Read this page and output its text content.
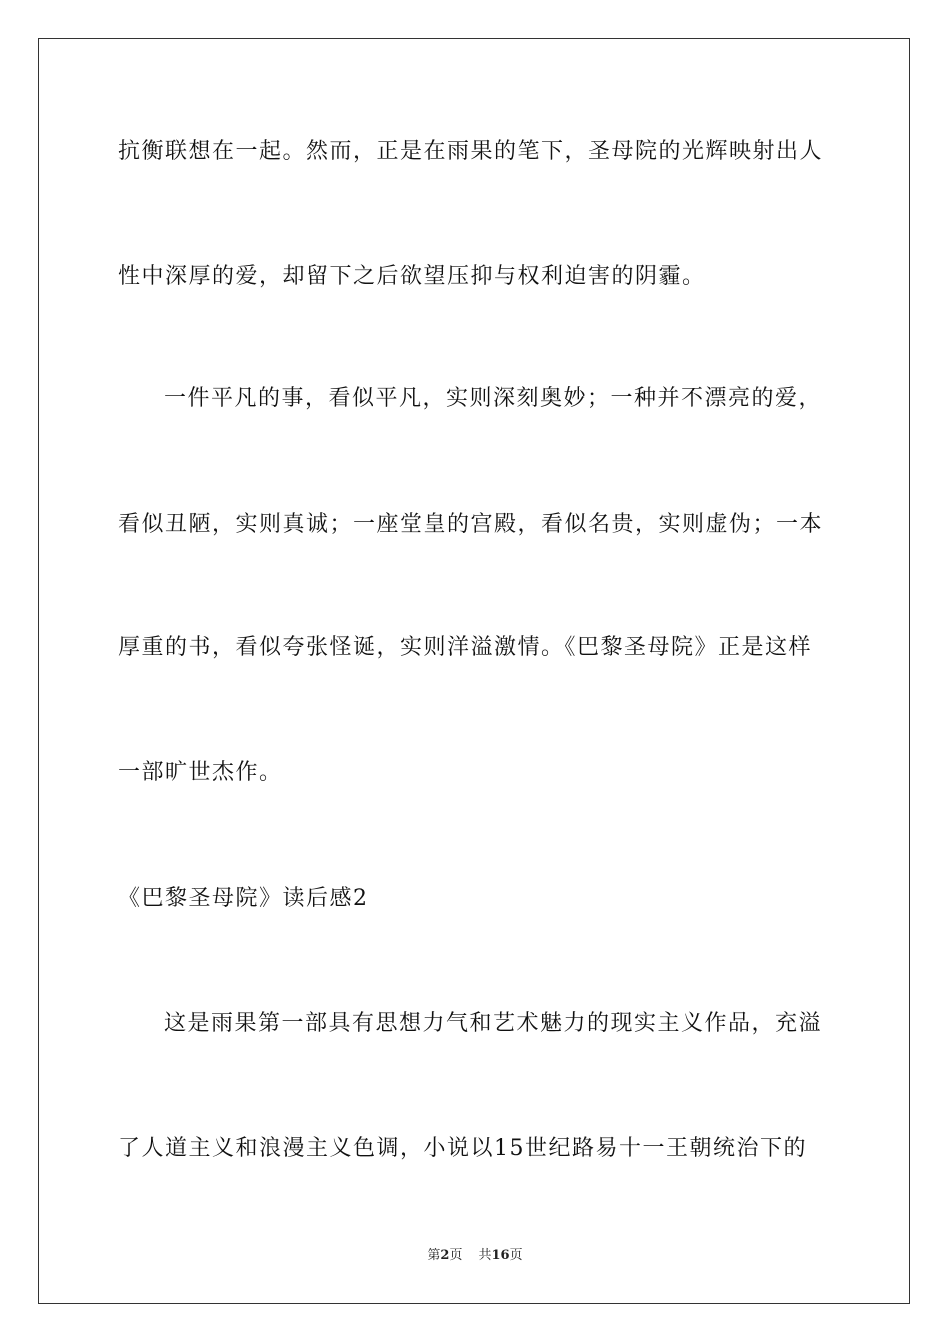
抗衡联想在一起。然而，正是在雨果的笔下，圣母院的光辉映射出人
性中深厚的爱，却留下之后欲望压抑与权利迫害的阴霾。
一件平凡的事，看似平凡，实则深刻奥妙；一种并不漂亮的爱，
看似丑陋，实则真诚；一座堂皇的宫殿，看似名贵，实则虚伪；一本
厚重的书，看似夸张怪诞，实则洋溢激情。《巴黎圣母院》正是这样
一部旷世杰作。
《巴黎圣母院》读后感2
这是雨果第一部具有思想力气和艺术魅力的现实主义作品，充溢
了人道主义和浪漫主义色调，小说以15世纪路易十一王朝统治下的
第2页 共16页
